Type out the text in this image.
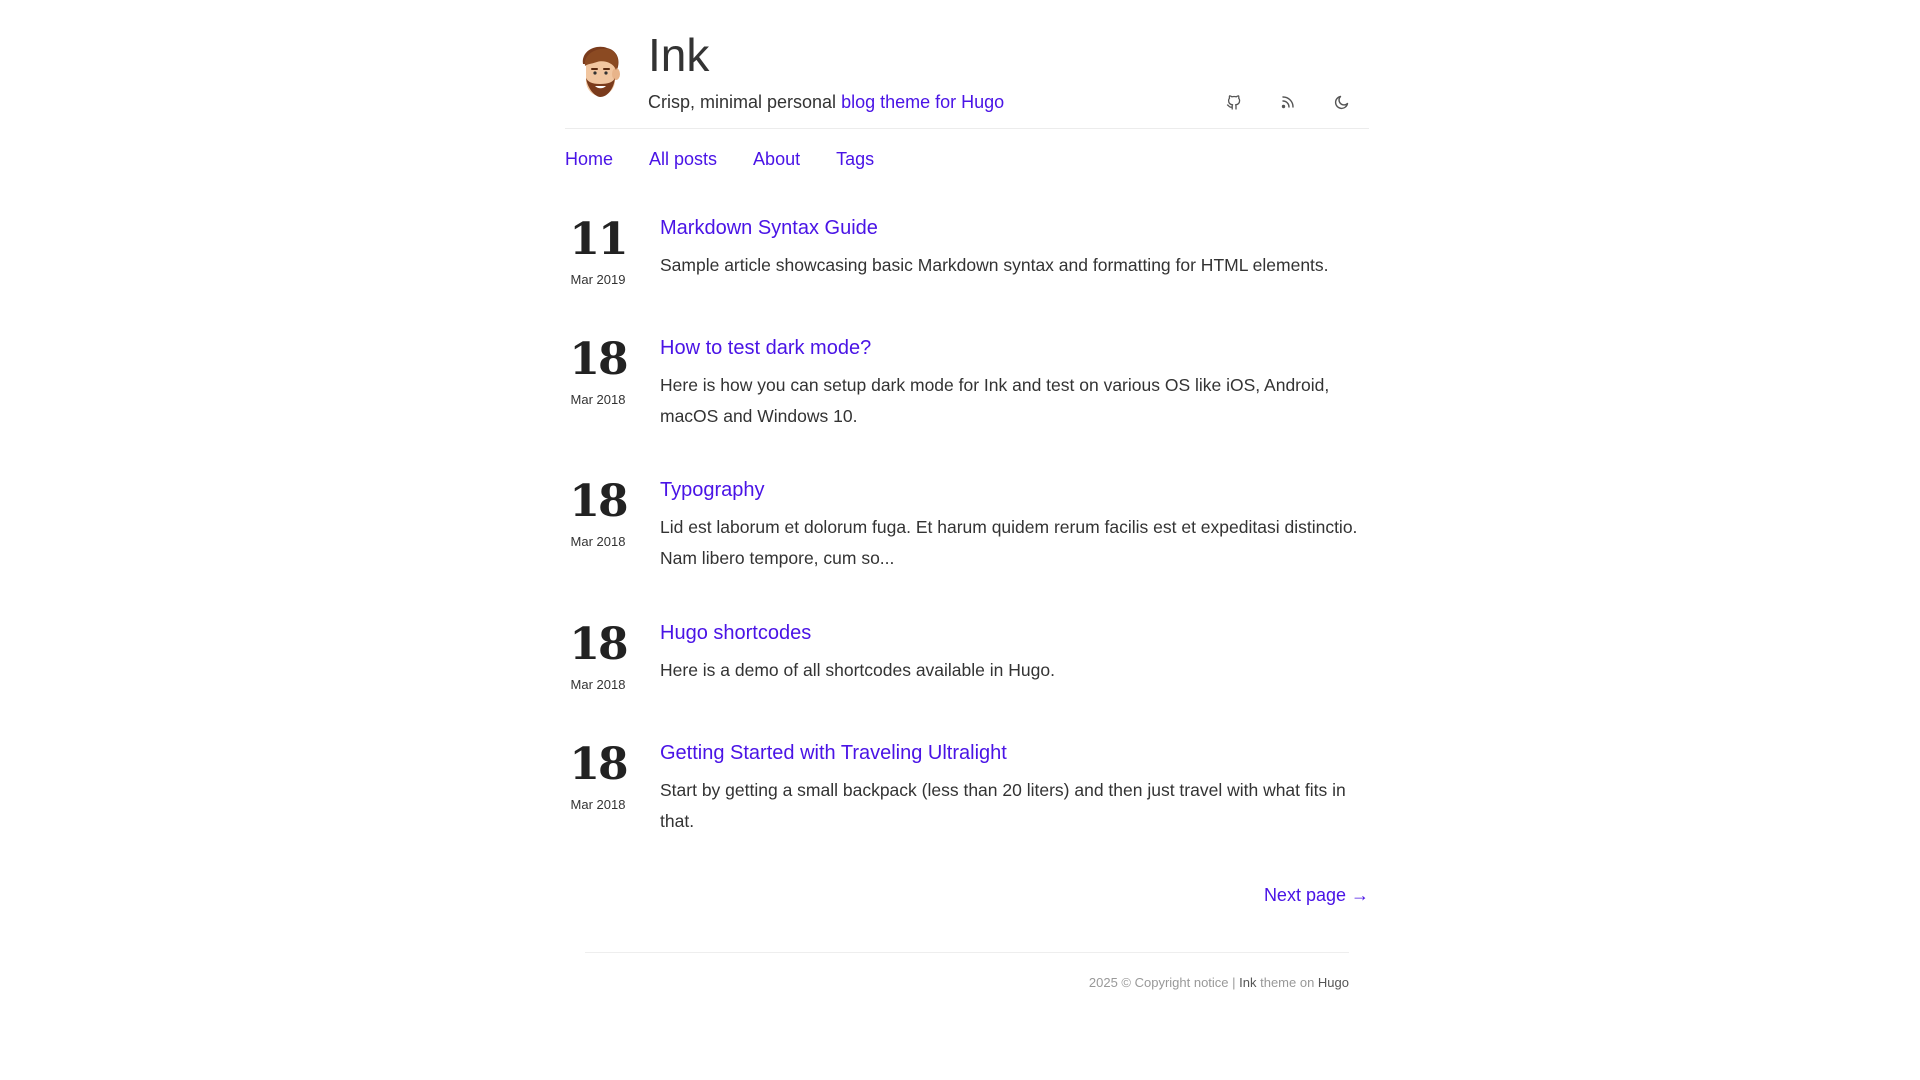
Ink
Crisp, minimal personal blog theme for Hugo
Home All posts About Tags
11
Mar 2019
Markdown Syntax Guide

Sample article showcasing basic Markdown syntax and formatting for HTML elements.

18
Mar 2018
How to test dark mode?

Here is how you can setup dark mode for Ink and test on various OS like iOS, Android, macOS and Windows 10.

18
Mar 2018
Typography

Lid est laborum et dolorum fuga. Et harum quidem rerum facilis est et expeditasi distinctio. Nam libero tempore, cum so...

18
Mar 2018
Hugo shortcodes

Here is a demo of all shortcodes available in Hugo.

18
Mar 2018
Getting Started with Traveling Ultralight

Start by getting a small backpack (less than 20 liters) and then just travel with what fits in that.

Next page →
2025 © Copyright notice | Ink theme on Hugo
